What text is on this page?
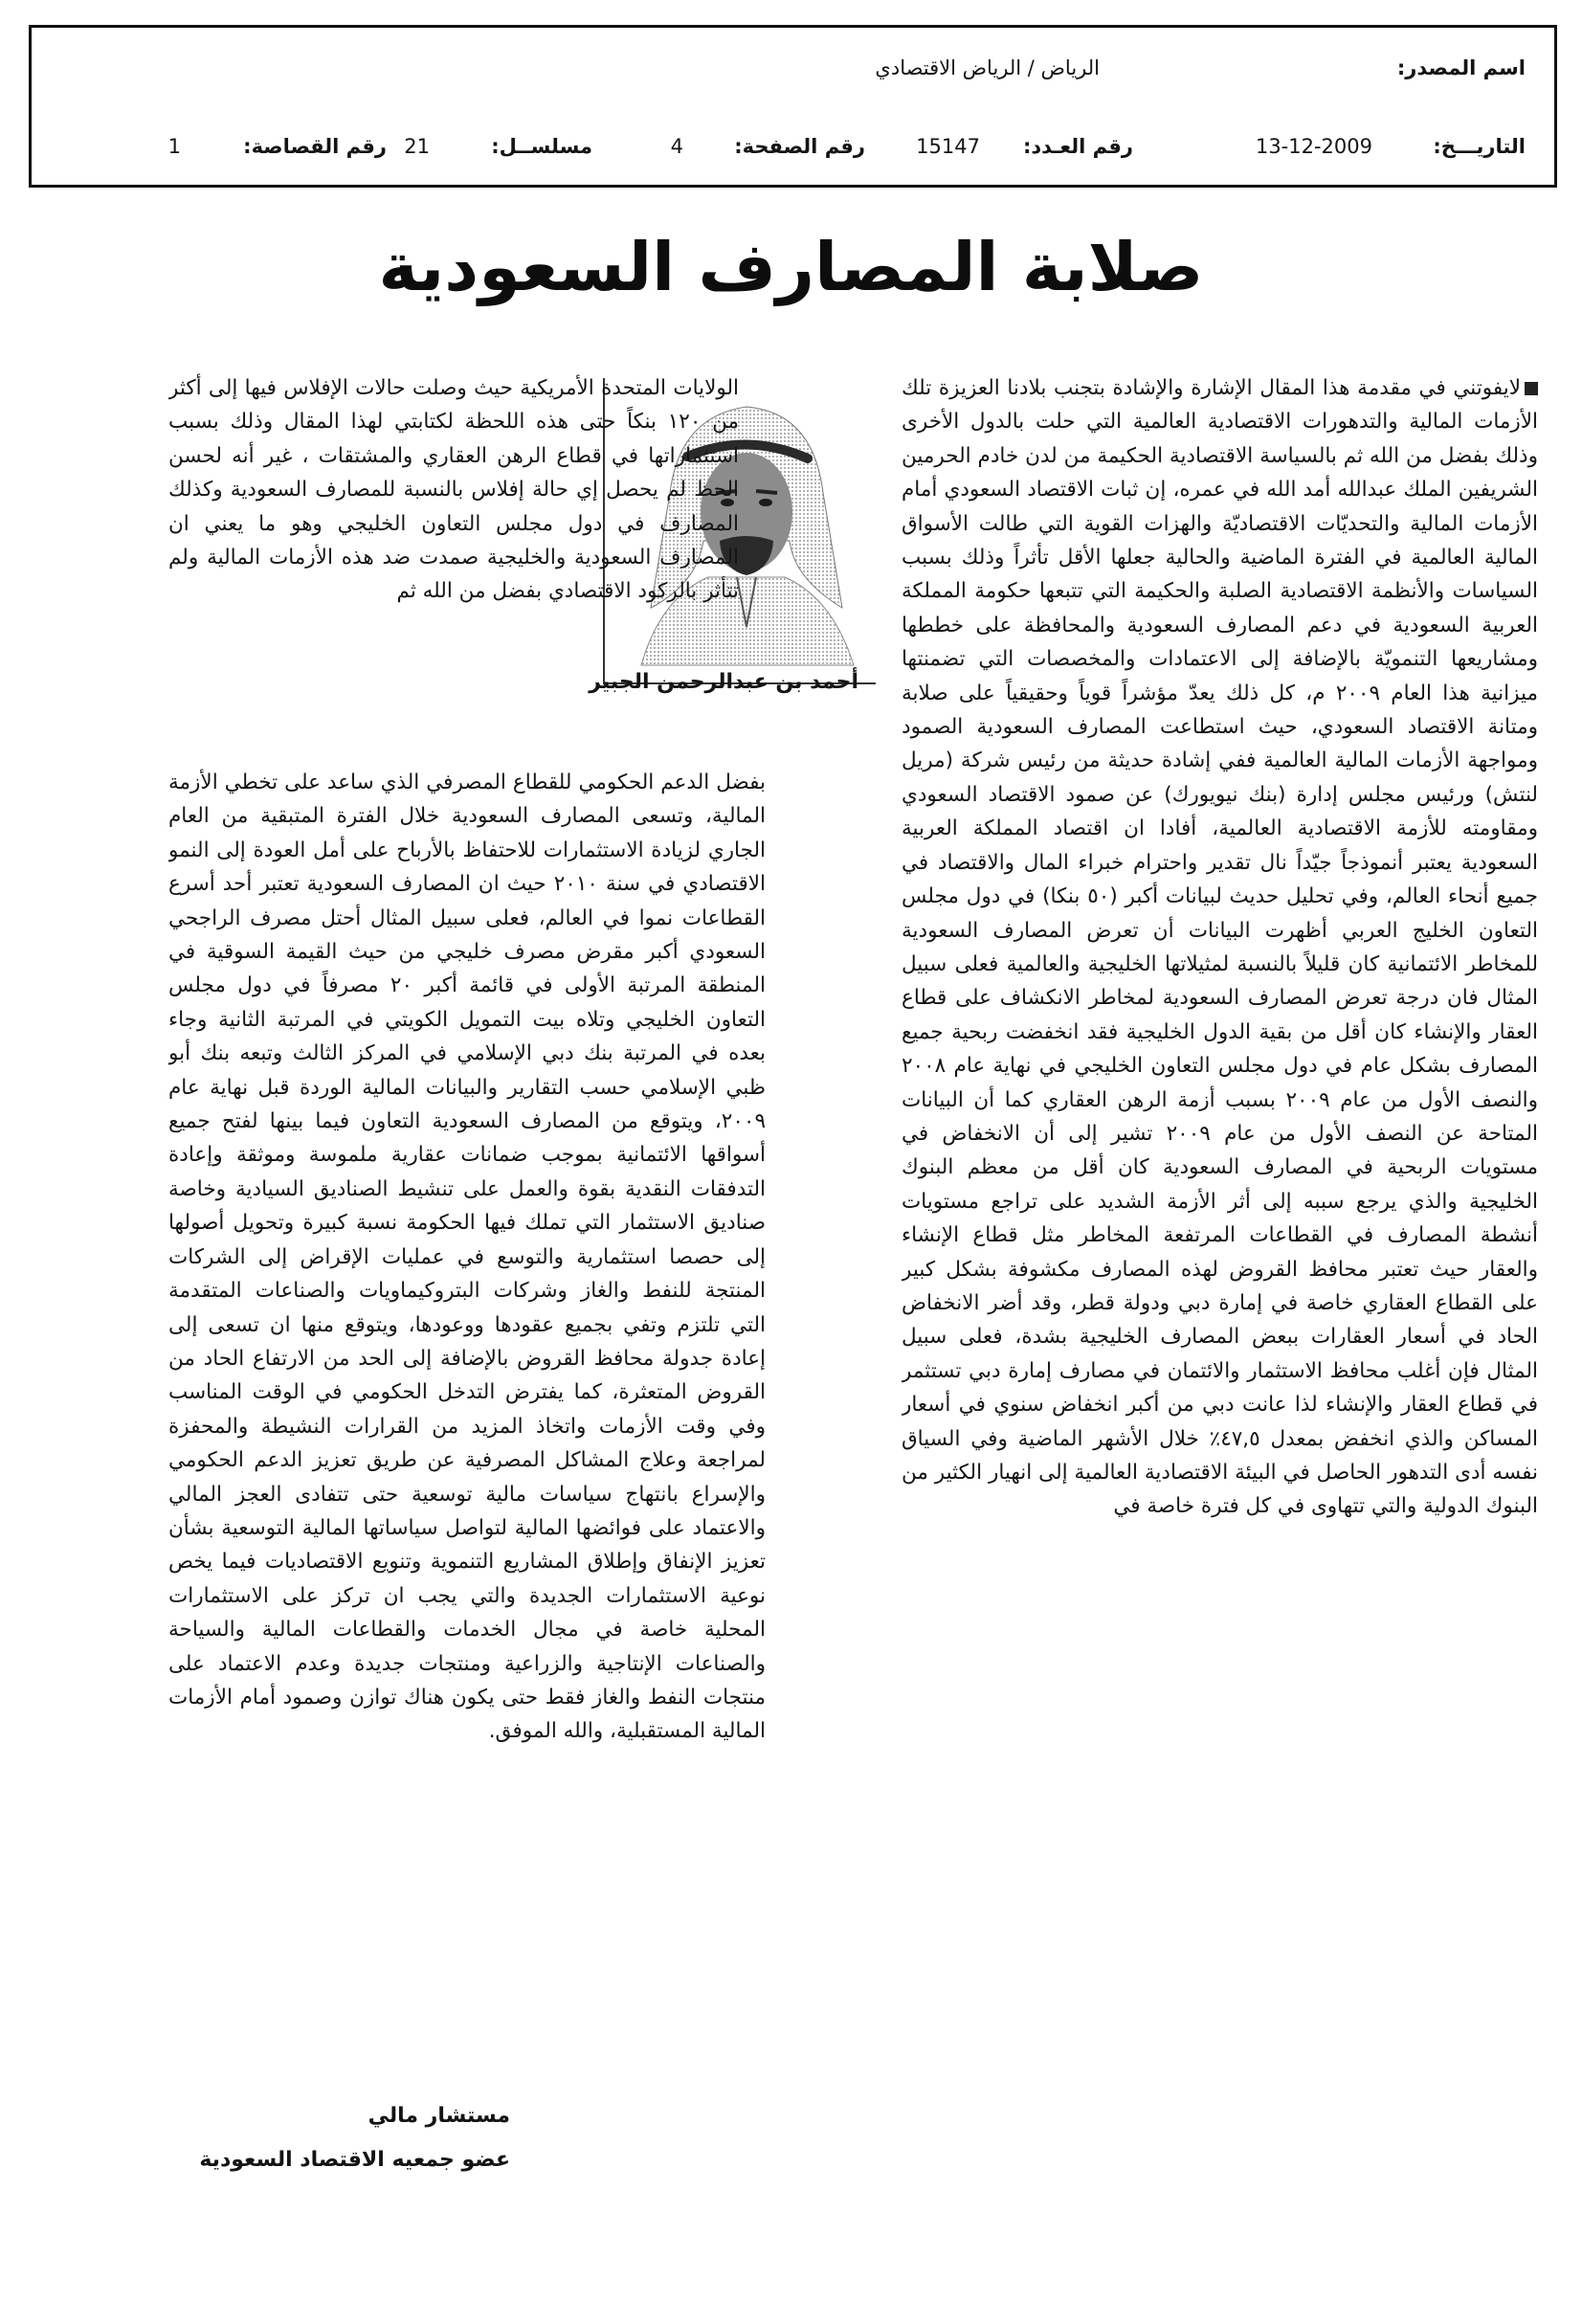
اسم المصدر:
الرياض / الرياض الاقتصادي
التاريـــخ:
13-12-2009
رقم العـدد:
15147
رقم الصفحة:
4
مسلســل:
21
رقم القصاصة:
1
صلابة المصارف السعودية

لايفوتني في مقدمة هذا المقال الإشارة والإشادة بتجنب بلادنا العزيزة تلك الأزمات المالية والتدهورات الاقتصادية العالمية التي حلت بالدول الأخرى وذلك بفضل من الله ثم بالسياسة الاقتصادية الحكيمة من لدن خادم الحرمين الشريفين الملك عبدالله أمد الله في عمره، إن ثبات الاقتصاد السعودي أمام الأزمات المالية والتحديّات الاقتصاديّة والهزات القوية التي طالت الأسواق المالية العالمية في الفترة الماضية والحالية جعلها الأقل تأثراً وذلك بسبب السياسات والأنظمة الاقتصادية الصلبة والحكيمة التي تتبعها حكومة المملكة العربية السعودية في دعم المصارف السعودية والمحافظة على خططها ومشاريعها التنمويّة بالإضافة إلى الاعتمادات والمخصصات التي تضمنتها ميزانية هذا العام ٢٠٠٩ م، كل ذلك يعدّ مؤشراً قوياً وحقيقياً على صلابة ومتانة الاقتصاد السعودي، حيث استطاعت المصارف السعودية الصمود ومواجهة الأزمات المالية العالمية ففي إشادة حديثة من رئيس شركة (مريل لنتش) ورئيس مجلس إدارة (بنك نيويورك) عن صمود الاقتصاد السعودي ومقاومته للأزمة الاقتصادية العالمية، أفادا ان اقتصاد المملكة العربية السعودية يعتبر أنموذجاً جيّداً نال تقدير واحترام خبراء المال والاقتصاد في جميع أنحاء العالم، وفي تحليل حديث لبيانات أكبر (٥٠ بنكا) في دول مجلس التعاون الخليج العربي أظهرت البيانات أن تعرض المصارف السعودية للمخاطر الائتمانية كان قليلاً بالنسبة لمثيلاتها الخليجية والعالمية فعلى سبيل المثال فان درجة تعرض المصارف السعودية لمخاطر الانكشاف على قطاع العقار والإنشاء كان أقل من بقية الدول الخليجية فقد انخفضت ربحية جميع المصارف بشكل عام في دول مجلس التعاون الخليجي في نهاية عام ٢٠٠٨ والنصف الأول من عام ٢٠٠٩ بسبب أزمة الرهن العقاري كما أن البيانات المتاحة عن النصف الأول من عام ٢٠٠٩ تشير إلى أن الانخفاض في مستويات الربحية في المصارف السعودية كان أقل من معظم البنوك الخليجية والذي يرجع سببه إلى أثر الأزمة الشديد على تراجع مستويات أنشطة المصارف في القطاعات المرتفعة المخاطر مثل قطاع الإنشاء والعقار حيث تعتبر محافظ القروض لهذه المصارف مكشوفة بشكل كبير على القطاع العقاري خاصة في إمارة دبي ودولة قطر، وقد أضر الانخفاض الحاد في أسعار العقارات ببعض المصارف الخليجية بشدة، فعلى سبيل المثال فإن أغلب محافظ الاستثمار والائتمان في مصارف إمارة دبي تستثمر في قطاع العقار والإنشاء لذا عانت دبي من أكبر انخفاض سنوي في أسعار المساكن والذي انخفض بمعدل ٤٧,٥٪ خلال الأشهر الماضية وفي السياق نفسه أدى التدهور الحاصل في البيئة الاقتصادية العالمية إلى انهيار الكثير من البنوك الدولية والتي تتهاوى في كل فترة خاصة في

أحمد بن عبدالرحمن الجبير

الولايات المتحدة الأمريكية حيث وصلت حالات الإفلاس فيها إلى أكثر من ١٢٠ بنكاً حتى هذه اللحظة لكتابتي لهذا المقال وذلك بسبب استثماراتها في قطاع الرهن العقاري والمشتقات ، غير أنه لحسن الحظ لم يحصل إي حالة إفلاس بالنسبة للمصارف السعودية وكذلك المصارف في دول مجلس التعاون الخليجي وهو ما يعني ان المصارف السعودية والخليجية صمدت ضد هذه الأزمات المالية ولم تتأثر بالركود الاقتصادي بفضل من الله ثم

بفضل الدعم الحكومي للقطاع المصرفي الذي ساعد على تخطي الأزمة المالية، وتسعى المصارف السعودية خلال الفترة المتبقية من العام الجاري لزيادة الاستثمارات للاحتفاظ بالأرباح على أمل العودة إلى النمو الاقتصادي في سنة ٢٠١٠ حيث ان المصارف السعودية تعتبر أحد أسرع القطاعات نموا في العالم، فعلى سبيل المثال أحتل مصرف الراجحي السعودي أكبر مقرض مصرف خليجي من حيث القيمة السوقية في المنطقة المرتبة الأولى في قائمة أكبر ٢٠ مصرفاً في دول مجلس التعاون الخليجي وتلاه بيت التمويل الكويتي في المرتبة الثانية وجاء بعده في المرتبة بنك دبي الإسلامي في المركز الثالث وتبعه بنك أبو ظبي الإسلامي حسب التقارير والبيانات المالية الوردة قبل نهاية عام ٢٠٠٩، ويتوقع من المصارف السعودية التعاون فيما بينها لفتح جميع أسواقها الائتمانية بموجب ضمانات عقارية ملموسة وموثقة وإعادة التدفقات النقدية بقوة والعمل على تنشيط الصناديق السيادية وخاصة صناديق الاستثمار التي تملك فيها الحكومة نسبة كبيرة وتحويل أصولها إلى حصصا استثمارية والتوسع في عمليات الإقراض إلى الشركات المنتجة للنفط والغاز وشركات البتروكيماويات والصناعات المتقدمة التي تلتزم وتفي بجميع عقودها ووعودها، ويتوقع منها ان تسعى إلى إعادة جدولة محافظ القروض بالإضافة إلى الحد من الارتفاع الحاد من القروض المتعثرة، كما يفترض التدخل الحكومي في الوقت المناسب وفي وقت الأزمات واتخاذ المزيد من القرارات النشيطة والمحفزة لمراجعة وعلاج المشاكل المصرفية عن طريق تعزيز الدعم الحكومي والإسراع بانتهاج سياسات مالية توسعية حتى تتفادى العجز المالي والاعتماد على فوائضها المالية لتواصل سياساتها المالية التوسعية بشأن تعزيز الإنفاق وإطلاق المشاريع التنموية وتنويع الاقتصاديات فيما يخص نوعية الاستثمارات الجديدة والتي يجب ان تركز على الاستثمارات المحلية خاصة في مجال الخدمات والقطاعات المالية والسياحة والصناعات الإنتاجية والزراعية ومنتجات جديدة وعدم الاعتماد على منتجات النفط والغاز فقط حتى يكون هناك توازن وصمود أمام الأزمات المالية المستقبلية، والله الموفق.

مستشار مالي
عضو جمعيه الاقتصاد السعودية
